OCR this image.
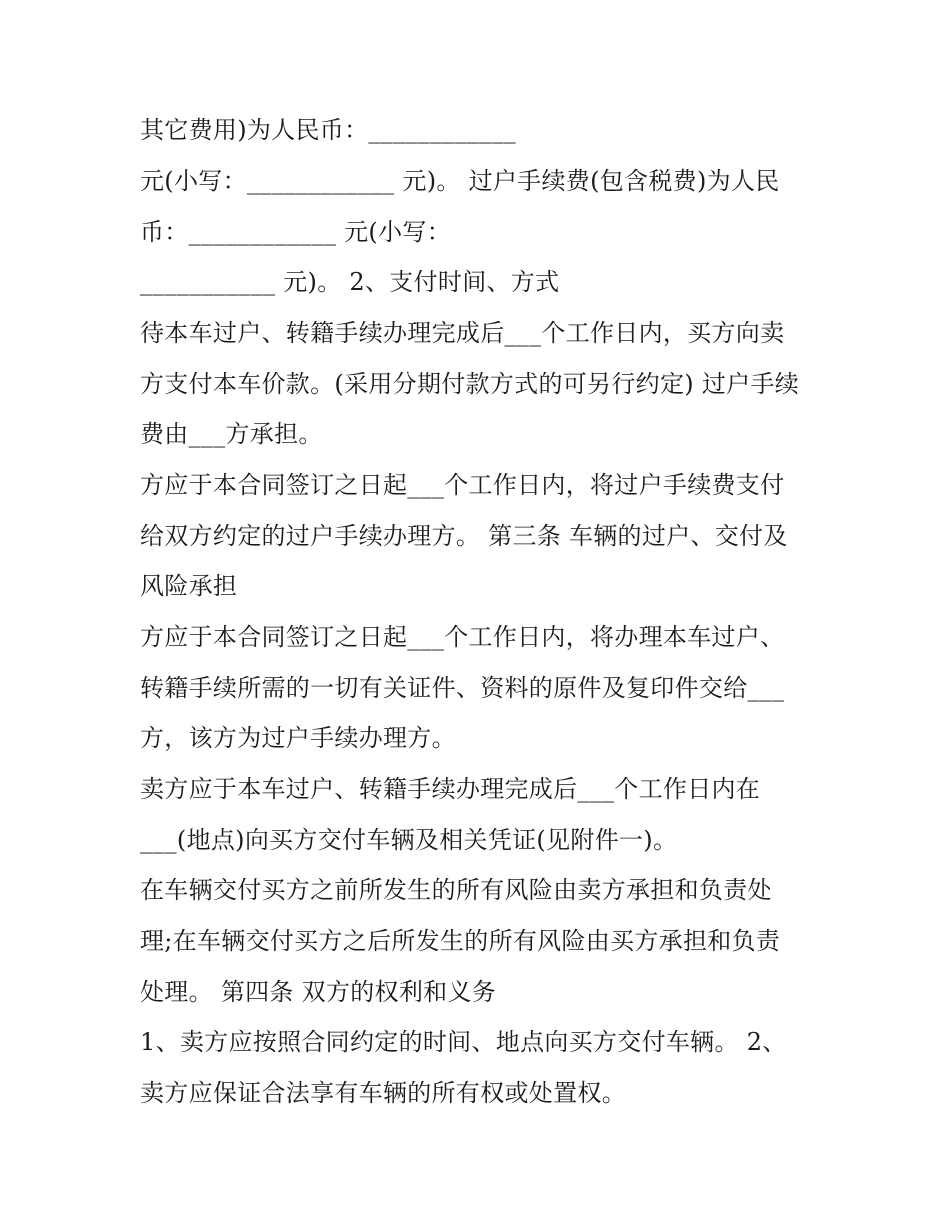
其它费用)为人民币：____________
元(小写：____________ 元)。 过户手续费(包含税费)为人民
币：____________ 元(小写：
___________ 元)。 2、支付时间、方式
待本车过户、转籍手续办理完成后___个工作日内，买方向卖
方支付本车价款。(采用分期付款方式的可另行约定) 过户手续
费由___方承担。
方应于本合同签订之日起___个工作日内，将过户手续费支付
给双方约定的过户手续办理方。 第三条 车辆的过户、交付及
风险承担
方应于本合同签订之日起___个工作日内，将办理本车过户、
转籍手续所需的一切有关证件、资料的原件及复印件交给___
方，该方为过户手续办理方。
卖方应于本车过户、转籍手续办理完成后___个工作日内在
___(地点)向买方交付车辆及相关凭证(见附件一)。
在车辆交付买方之前所发生的所有风险由卖方承担和负责处
理;在车辆交付买方之后所发生的所有风险由买方承担和负责
处理。 第四条 双方的权利和义务
1、卖方应按照合同约定的时间、地点向买方交付车辆。 2、
卖方应保证合法享有车辆的所有权或处置权。
